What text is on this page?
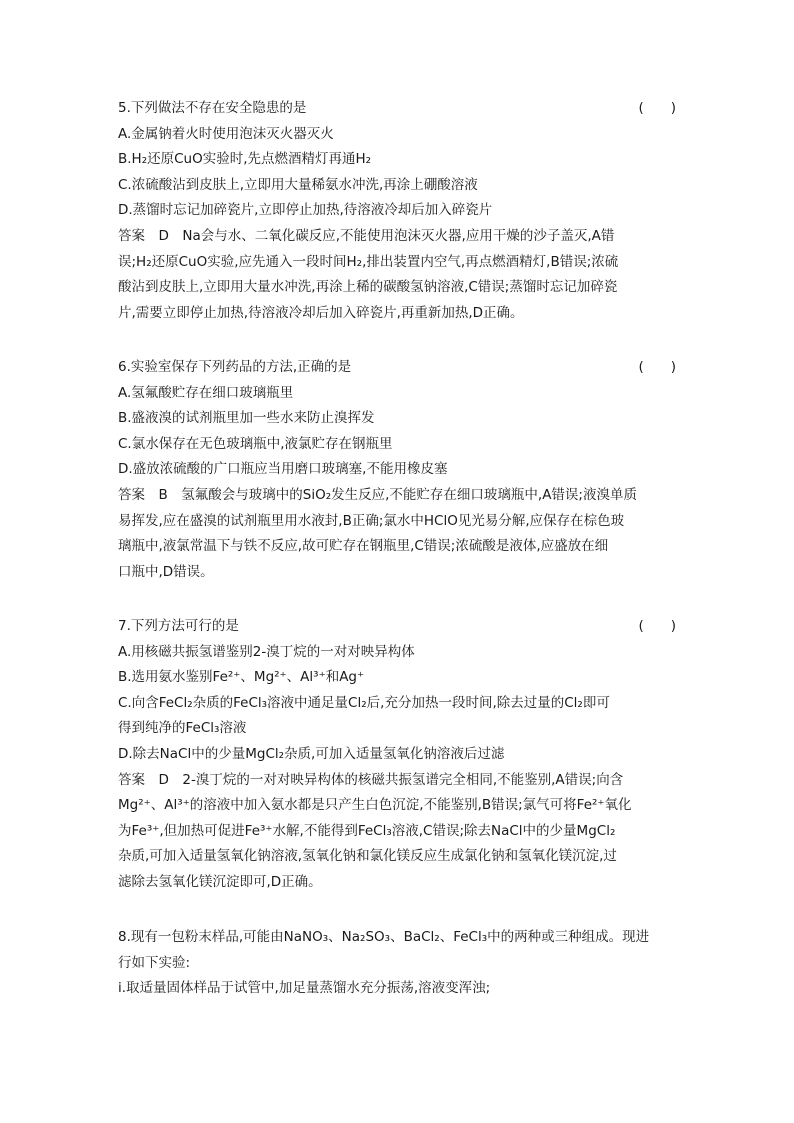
5.下列做法不存在安全隐患的是	(　　)
A.金属钠着火时使用泡沫灭火器灭火
B.H₂还原CuO实验时,先点燃酒精灯再通H₂
C.浓硫酸沾到皮肤上,立即用大量稀氨水冲洗,再涂上硼酸溶液
D.蒸馏时忘记加碎瓷片,立即停止加热,待溶液冷却后加入碎瓷片
答案　D　Na会与水、二氧化碳反应,不能使用泡沫灭火器,应用干燥的沙子盖灭,A错
误;H₂还原CuO实验,应先通入一段时间H₂,排出装置内空气,再点燃酒精灯,B错误;浓硫
酸沾到皮肤上,立即用大量水冲洗,再涂上稀的碳酸氢钠溶液,C错误;蒸馏时忘记加碎瓷
片,需要立即停止加热,待溶液冷却后加入碎瓷片,再重新加热,D正确。
6.实验室保存下列药品的方法,正确的是	(　　)
A.氢氟酸贮存在细口玻璃瓶里
B.盛液溴的试剂瓶里加一些水来防止溴挥发
C.氯水保存在无色玻璃瓶中,液氯贮存在钢瓶里
D.盛放浓硫酸的广口瓶应当用磨口玻璃塞,不能用橡皮塞
答案　B　氢氟酸会与玻璃中的SiO₂发生反应,不能贮存在细口玻璃瓶中,A错误;液溴单质
易挥发,应在盛溴的试剂瓶里用水液封,B正确;氯水中HClO见光易分解,应保存在棕色玻
璃瓶中,液氯常温下与铁不反应,故可贮存在钢瓶里,C错误;浓硫酸是液体,应盛放在细
口瓶中,D错误。
7.下列方法可行的是	(　　)
A.用核磁共振氢谱鉴别2-溴丁烷的一对对映异构体
B.选用氨水鉴别Fe²⁺、Mg²⁺、Al³⁺和Ag⁺
C.向含FeCl₂杂质的FeCl₃溶液中通足量Cl₂后,充分加热一段时间,除去过量的Cl₂即可
得到纯净的FeCl₃溶液
D.除去NaCl中的少量MgCl₂杂质,可加入适量氢氧化钠溶液后过滤
答案　D　2-溴丁烷的一对对映异构体的核磁共振氢谱完全相同,不能鉴别,A错误;向含
Mg²⁺、Al³⁺的溶液中加入氨水都是只产生白色沉淀,不能鉴别,B错误;氯气可将Fe²⁺氧化
为Fe³⁺,但加热可促进Fe³⁺水解,不能得到FeCl₃溶液,C错误;除去NaCl中的少量MgCl₂
杂质,可加入适量氢氧化钠溶液,氢氧化钠和氯化镁反应生成氯化钠和氢氧化镁沉淀,过
滤除去氢氧化镁沉淀即可,D正确。
8.现有一包粉末样品,可能由NaNO₃、Na₂SO₃、BaCl₂、FeCl₃中的两种或三种组成。现进
行如下实验:
ⅰ.取适量固体样品于试管中,加足量蒸馏水充分振荡,溶液变浑浊;
